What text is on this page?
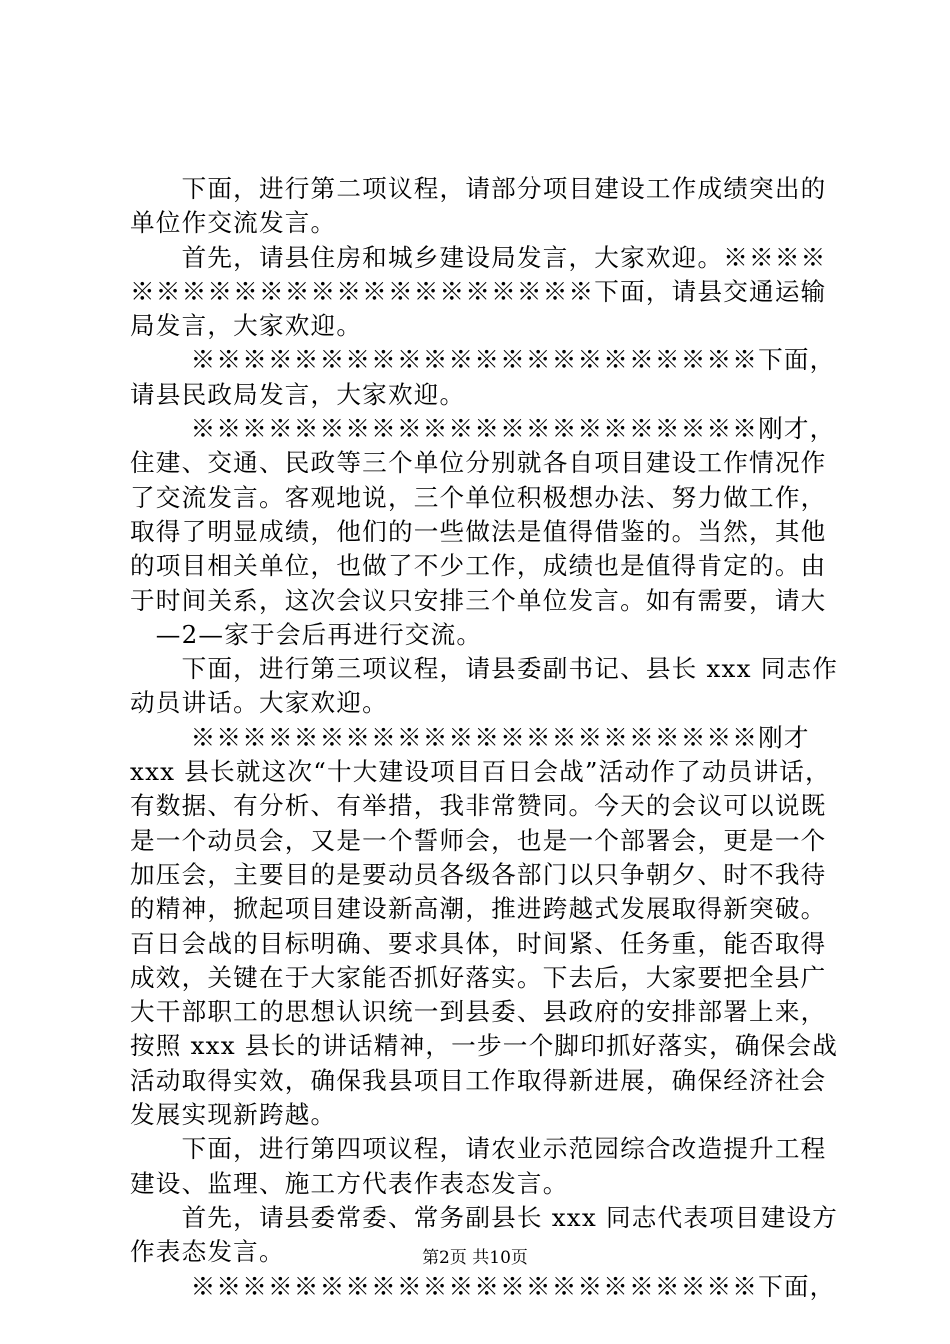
　　下面，进行第二项议程，请部分项目建设工作成绩突出的
单位作交流发言。
　　首先，请县住房和城乡建设局发言，大家欢迎。※※※※
※※※※※※※※※※※※※※※※※※下面，请县交通运输
局发言，大家欢迎。
　　 ※※※※※※※※※※※※※※※※※※※※※※下面，
请县民政局发言，大家欢迎。
　　 ※※※※※※※※※※※※※※※※※※※※※※刚才，
住建、交通、民政等三个单位分别就各自项目建设工作情况作
了交流发言。客观地说，三个单位积极想办法、努力做工作，
取得了明显成绩，他们的一些做法是值得借鉴的。当然，其他
的项目相关单位，也做了不少工作，成绩也是值得肯定的。由
于时间关系，这次会议只安排三个单位发言。如有需要，请大
　—2—家于会后再进行交流。
　　下面，进行第三项议程，请县委副书记、县长 xxx 同志作
动员讲话。大家欢迎。
　　 ※※※※※※※※※※※※※※※※※※※※※※刚才
xxx 县长就这次“十大建设项目百日会战”活动作了动员讲话，
有数据、有分析、有举措，我非常赞同。今天的会议可以说既
是一个动员会，又是一个誓师会，也是一个部署会，更是一个
加压会，主要目的是要动员各级各部门以只争朝夕、时不我待
的精神，掀起项目建设新高潮，推进跨越式发展取得新突破。
百日会战的目标明确、要求具体，时间紧、任务重，能否取得
成效，关键在于大家能否抓好落实。下去后，大家要把全县广
大干部职工的思想认识统一到县委、县政府的安排部署上来，
按照 xxx 县长的讲话精神，一步一个脚印抓好落实，确保会战
活动取得实效，确保我县项目工作取得新进展，确保经济社会
发展实现新跨越。
　　下面，进行第四项议程，请农业示范园综合改造提升工程
建设、监理、施工方代表作表态发言。
　　首先，请县委常委、常务副县长 xxx 同志代表项目建设方
作表态发言。
　　 ※※※※※※※※※※※※※※※※※※※※※※下面，
第2页 共10页
